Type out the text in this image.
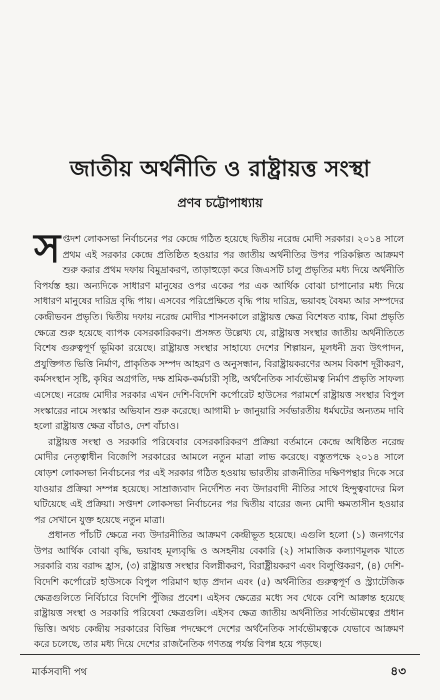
জাতীয় অর্থনীতি ও রাষ্ট্রায়ত্ত সংস্থা
প্রণব চট্টোপাধ্যায়

সপ্তদশ লোকসভা নির্বাচনের পর কেন্দ্রে গঠিত হয়েছে দ্বিতীয় নরেন্দ্র মোদী সরকার। ২০১৪ সালে প্রথম এই সরকার কেন্দ্রে প্রতিষ্ঠিত হওয়ার পর জাতীয় অর্থনীতির উপর পরিকল্পিত আক্রমণ শুরু করার প্রথম দফায় বিমুদ্রাকরণ, তাড়াহুড়ো করে জিএসটি চালু প্রভৃতির মধ্য দিয়ে অর্থনীতি বিপর্যস্ত হয়। অন্যদিকে সাধারণ মানুষের ওপর একের পর এক আর্থিক বোঝা চাপানোর মধ্য দিয়ে সাধারণ মানুষের দারিদ্র বৃদ্ধি পায়। এসবের পরিপ্রেক্ষিতে বৃদ্ধি পায় দারিদ্র, ভয়াবহ বৈষম্য আর সম্পদের কেন্দ্রীভবন প্রভৃতি। দ্বিতীয় দফায় নরেন্দ্র মোদীর শাসনকালে রাষ্ট্রায়ত্ত ক্ষেত্র বিশেষত ব্যাঙ্ক, বিমা প্রভৃতি ক্ষেত্রে শুরু হয়েছে ব্যাপক বেসরকারিকরণ। প্রসঙ্গত উল্লেখ্য যে, রাষ্ট্রায়ত্ত সংস্থার জাতীয় অর্থনীতিতে বিশেষ গুরুত্বপূর্ণ ভূমিকা রয়েছে। রাষ্ট্রায়ত্ত সংস্থার সাহায্যে দেশের শিল্পায়ন, মূলধনী দ্রব্য উৎপাদন, প্রযুক্তিগত ভিত্তি নির্মাণ, প্রাকৃতিক সম্পদ আহরণ ও অনুসন্ধান, বিরাষ্ট্রায়করণের অসম বিকাশ দূরীকরণ, কর্মসংস্থান সৃষ্টি, কৃষির অগ্রগতি, দক্ষ শ্রমিক-কর্মচারী সৃষ্টি, অর্থনৈতিক সার্বভৌমত্ব নির্মাণ প্রভৃতি সাফল্য এসেছে। নরেন্দ্র মোদীর সরকার এখন দেশি-বিদেশি কর্পোরেট হাউসের পরামর্শে রাষ্ট্রায়ত্ত সংস্থার বিপুল সংস্কারের নামে সংস্কার অভিযান শুরু করেছে। আগামী ৮ জানুয়ারি সর্বভারতীয় ধর্মঘটের অন্যতম দাবি হলো রাষ্ট্রায়ত্ত ক্ষেত্র বাঁচাও, দেশ বাঁচাও।

রাষ্ট্রায়ত্ত সংস্থা ও সরকারি পরিষেবার বেসরকারিকরণ প্রক্রিয়া বর্তমানে কেন্দ্রে অধিষ্ঠিত নরেন্দ্র মোদীর নেতৃত্বাধীন বিজেপি সরকারের আমলে নতুন মাত্রা লাভ করেছে। বস্তুতপক্ষে ২০১৪ সালে ষোড়শ লোকসভা নির্বাচনের পর এই সরকার গঠিত হওয়ায় ভারতীয় রাজনীতির দক্ষিণপন্থার দিকে সরে যাওয়ার প্রক্রিয়া সম্পন্ন হয়েছে। সাম্রাজ্যবাদ নির্দেশিত নব্য উদারবাদী নীতির সাথে হিন্দুত্ববাদের মিল ঘটিয়েছে এই প্রক্রিয়া। সপ্তদশ লোকসভা নির্বাচনের পর দ্বিতীয় বারের জন্য মোদী ক্ষমতাসীন হওয়ার পর সেখানে যুক্ত হয়েছে নতুন মাত্রা।

প্রধানত পাঁচটি ক্ষেত্রে নব্য উদারনীতির আক্রমণ কেন্দ্রীভূত হয়েছে। এগুলি হলো (১) জনগণের উপর আর্থিক বোঝা বৃদ্ধি, ভয়াবহ মূল্যবৃদ্ধি ও অসহনীয় বেকারি (২) সামাজিক কল্যাণমূলক খাতে সরকারি ব্যয় বরাদ্দ হ্রাস, (৩) রাষ্ট্রায়ত্ত সংস্থার বিলগ্নীকরণ, বিরাষ্ট্রীয়করণ এবং বিলুপ্তিকরণ, (৪) দেশি-বিদেশি কর্পোরেট হাউসকে বিপুল পরিমাণ ছাড় প্রদান এবং (৫) অর্থনীতির গুরুত্বপূর্ণ ও স্ট্র্যাটেজিক ক্ষেত্রগুলিতে নির্বিচারে বিদেশি পুঁজির প্রবেশ। এইসব ক্ষেত্রের মধ্যে সব থেকে বেশি আক্রান্ত হয়েছে রাষ্ট্রায়ত্ত সংস্থা ও সরকারি পরিষেবা ক্ষেত্রগুলি। এইসব ক্ষেত্র জাতীয় অর্থনীতির সার্বভৌমত্বের প্রধান ভিত্তি। অথচ কেন্দ্রীয় সরকারের বিভিন্ন পদক্ষেপে দেশের অর্থনৈতিক সার্বভৌমত্বকে যেভাবে আক্রমণ করে চলেছে, তার মধ্য দিয়ে দেশের রাজনৈতিক গণতন্ত্র পর্যন্ত বিপন্ন হয়ে পড়ছে।

মার্কসবাদী পথ	৪৩
